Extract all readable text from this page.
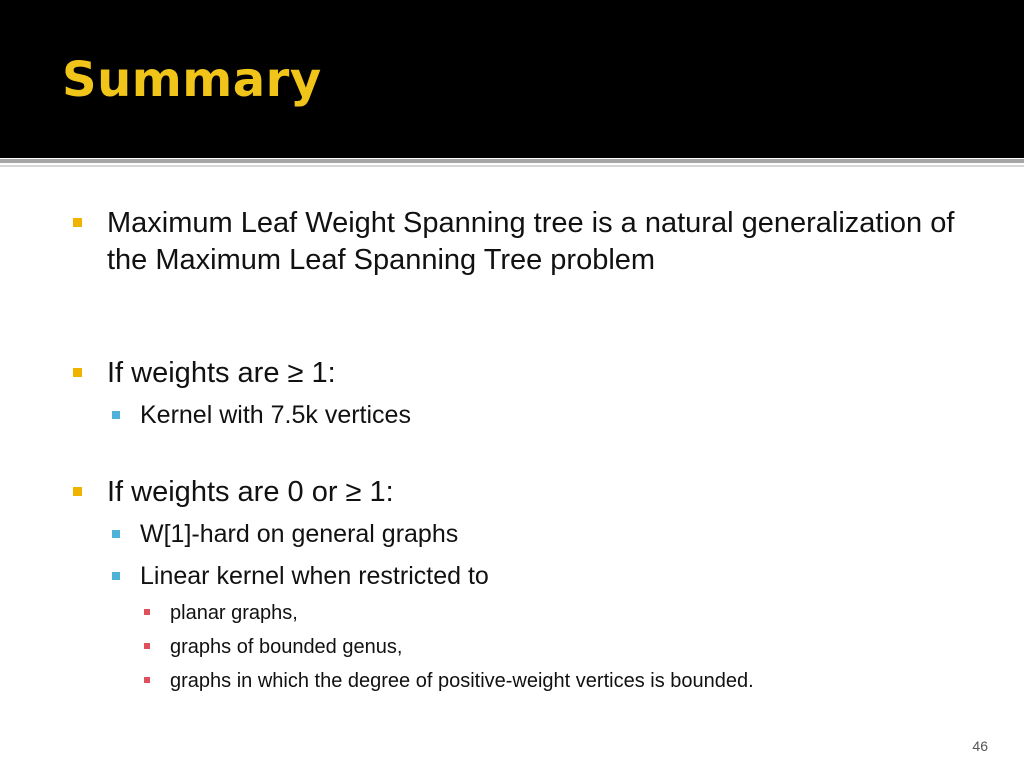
Summary
Maximum Leaf Weight Spanning tree is a natural generalization of the Maximum Leaf Spanning Tree problem
If weights are ≥ 1:
Kernel with 7.5k vertices
If weights are 0 or ≥ 1:
W[1]-hard on general graphs
Linear kernel when restricted to
planar graphs,
graphs of bounded genus,
graphs in which the degree of positive-weight vertices is bounded.
46
